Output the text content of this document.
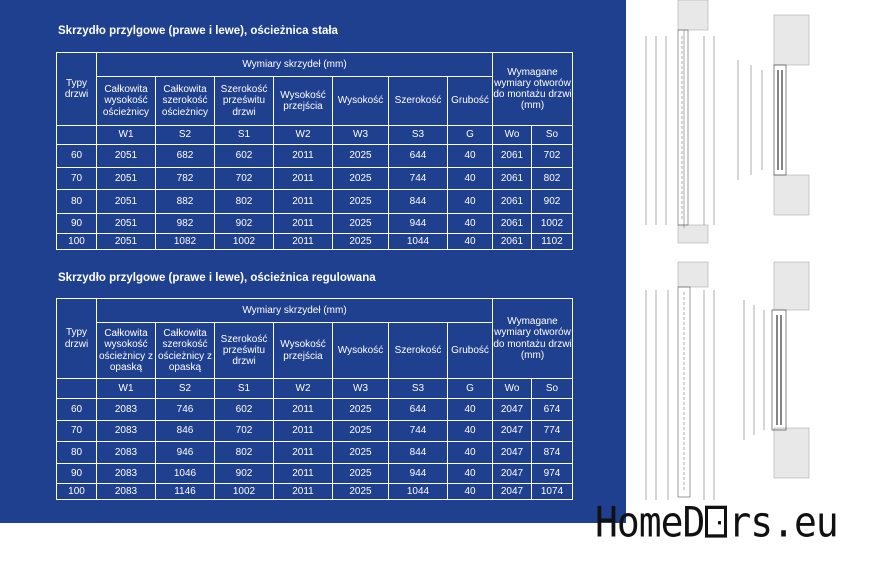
Skrzydło przylgowe (prawe i lewe), ościeżnica stała
Typy drzwi	Wymiary skrzydeł (mm)							Wymagane wymiary otworów do montażu drzwi (mm)	
	Całkowita wysokość ościeżnicy	Całkowita szerokość ościeżnicy	Szerokość prześwitu drzwi	Wysokość przejścia	Wysokość	Szerokość	Grubość		
	W1	S2	S1	W2	W3	S3	G	Wo	So
60	2051	682	602	2011	2025	644	40	2061	702
70	2051	782	702	2011	2025	744	40	2061	802
80	2051	882	802	2011	2025	844	40	2061	902
90	2051	982	902	2011	2025	944	40	2061	1002
100	2051	1082	1002	2011	2025	1044	40	2061	1102
Skrzydło przylgowe (prawe i lewe), ościeżnica regulowana
Typy drzwi	Wymiary skrzydeł (mm)							Wymagane wymiary otworów do montażu drzwi (mm)	
	Całkowita wysokość ościeżnicy z opaską	Całkowita szerokość ościeżnicy z opaską	Szerokość prześwitu drzwi	Wysokość przejścia	Wysokość	Szerokość	Grubość		
	W1	S2	S1	W2	W3	S3	G	Wo	So
60	2083	746	602	2011	2025	644	40	2047	674
70	2083	846	702	2011	2025	744	40	2047	774
80	2083	946	802	2011	2025	844	40	2047	874
90	2083	1046	902	2011	2025	944	40	2047	974
100	2083	1146	1002	2011	2025	1044	40	2047	1074
HomeD rs.eu
